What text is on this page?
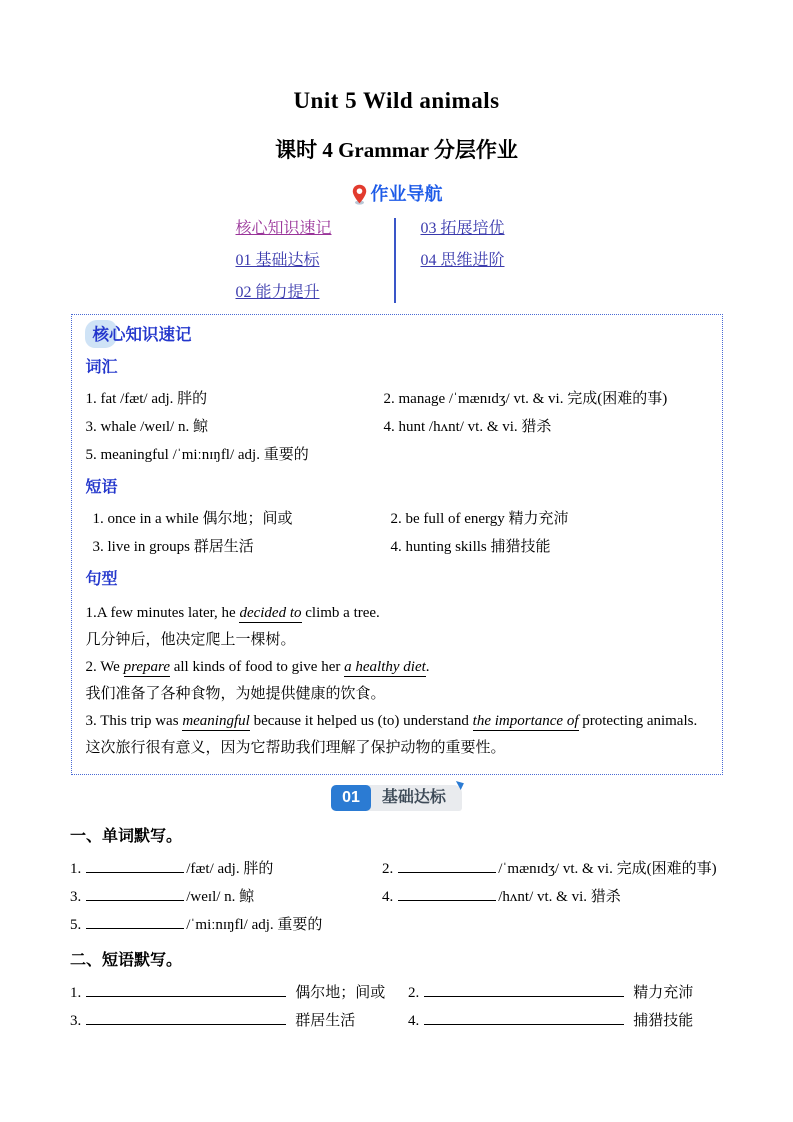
Unit 5 Wild animals
课时 4 Grammar 分层作业
作业导航
核心知识速记
01 基础达标
02 能力提升
03 拓展培优
04 思维进阶
核心知识速记
词汇
1. fat /fæt/ adj. 胖的	2. manage /ˈmænɪdʒ/ vt. & vi. 完成(困难的事)
3. whale /weɪl/ n. 鲸	4. hunt /hʌnt/ vt. & vi. 猎杀
5. meaningful /ˈmiːnɪŋfl/ adj. 重要的
短语
1. once in a while 偶尔地；间或	2. be full of energy 精力充沛
3. live in groups 群居生活	4. hunting skills 捕猎技能
句型
1.A few minutes later, he decided to climb a tree.
几分钟后，他决定爬上一棵树。
2. We prepare all kinds of food to give her a healthy diet.
我们准备了各种食物，为她提供健康的饮食。
3. This trip was meaningful because it helped us (to) understand the importance of protecting animals.
这次旅行很有意义，因为它帮助我们理解了保护动物的重要性。
01	基础达标
一、单词默写。
1.	/fæt/ adj. 胖的	2.	/ˈmænɪdʒ/ vt. & vi. 完成(困难的事)
3.	/weɪl/ n. 鲸	4.	/hʌnt/ vt. & vi. 猎杀
5.	/ˈmiːnɪŋfl/ adj. 重要的
二、短语默写。
1.	偶尔地；间或	2.	精力充沛
3.	群居生活	4.	捕猎技能
